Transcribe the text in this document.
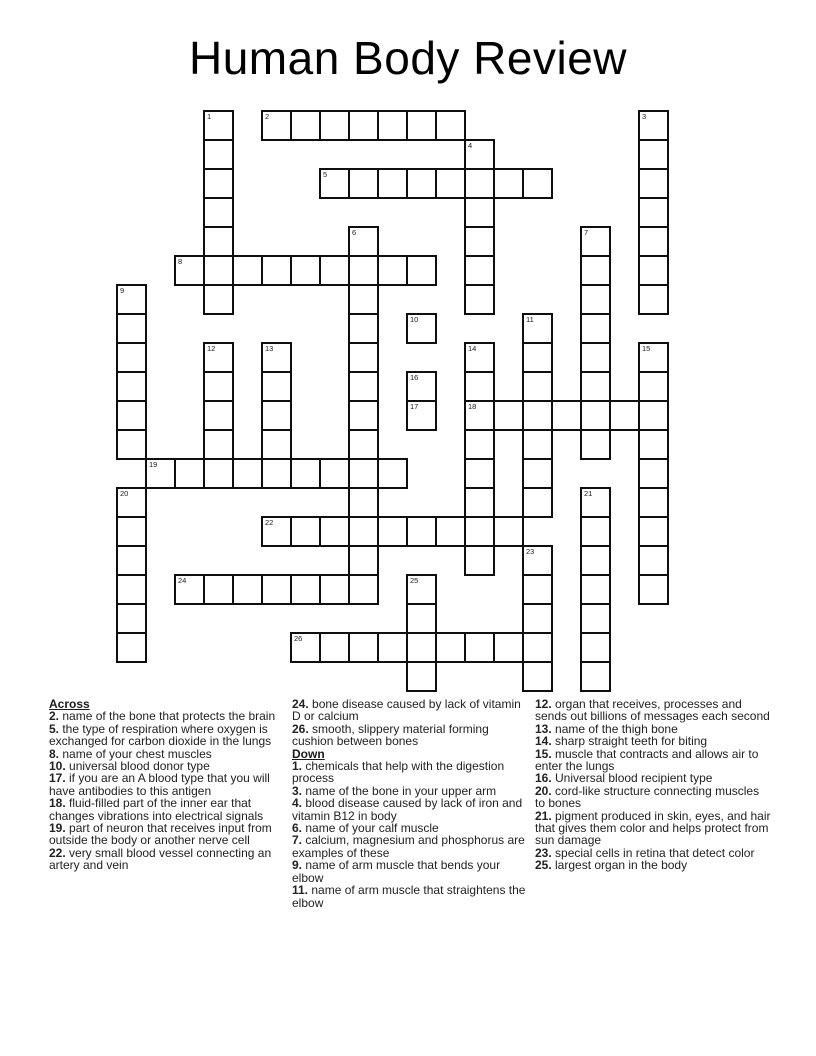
Human Body Review
1	2	3
4
5
6	7
8
9
10	11
12	13	14
18
15
16
17
19
20	21
22
23
24	25
26
Across
2. name of the bone that protects the brain
5. the type of respiration where oxygen is exchanged for carbon dioxide in the lungs
8. name of your chest muscles
10. universal blood donor type
17. if you are an A blood type that you will have antibodies to this antigen
18. fluid-filled part of the inner ear that changes vibrations into electrical signals
19. part of neuron that receives input from outside the body or another nerve cell
22. very small blood vessel connecting an artery and vein
24. bone disease caused by lack of vitamin D or calcium
26. smooth, slippery material forming cushion between bones
Down
1. chemicals that help with the digestion process
3. name of the bone in your upper arm
4. blood disease caused by lack of iron and vitamin B12 in body
6. name of your calf muscle
7. calcium, magnesium and phosphorus are examples of these
9. name of arm muscle that bends your elbow
11. name of arm muscle that straightens the elbow
12. organ that receives, processes and sends out billions of messages each second
13. name of the thigh bone
14. sharp straight teeth for biting
15. muscle that contracts and allows air to enter the lungs
16. Universal blood recipient type
20. cord-like structure connecting muscles to bones
21. pigment produced in skin, eyes, and hair that gives them color and helps protect from sun damage
23. special cells in retina that detect color
25. largest organ in the body
